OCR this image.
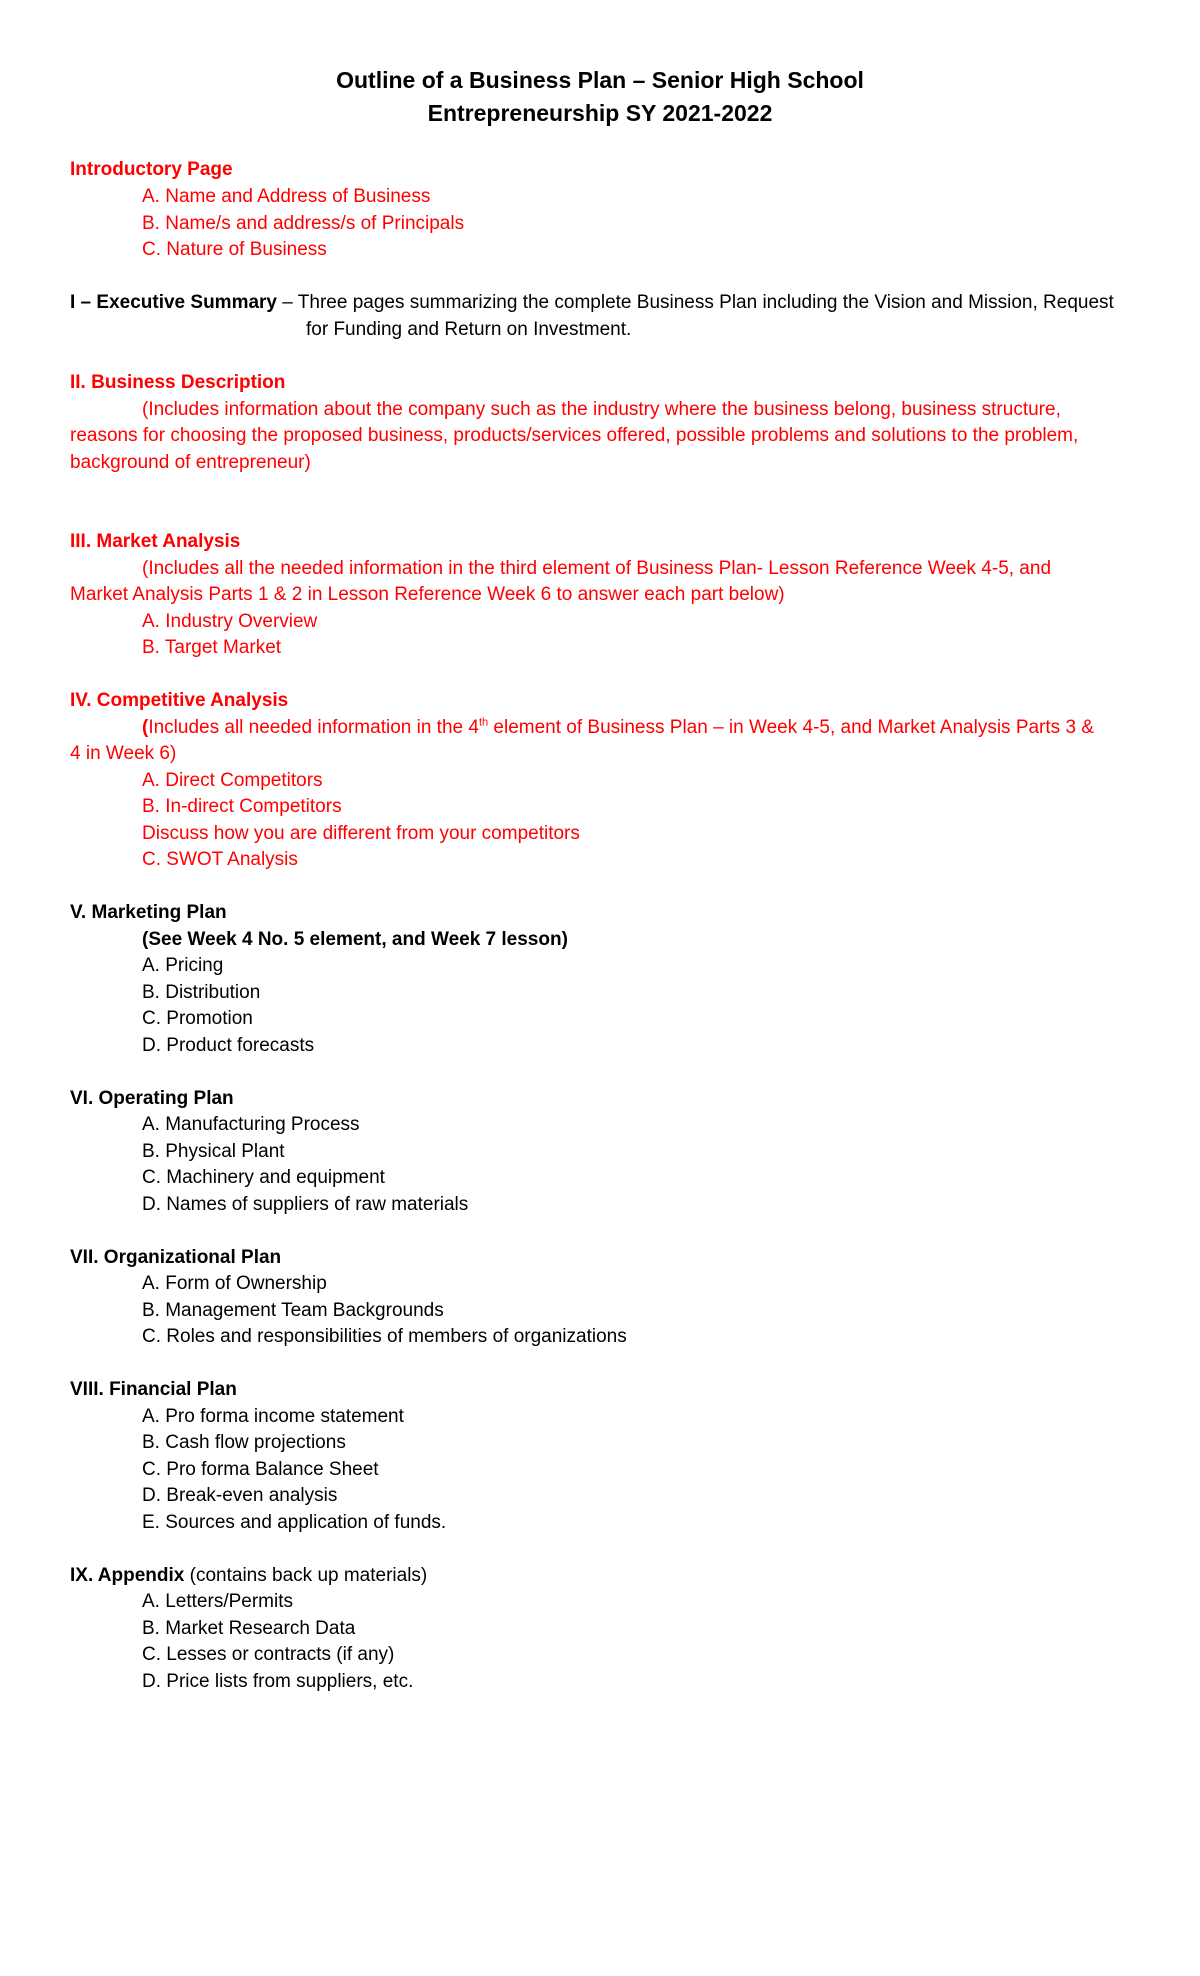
Outline of a Business Plan – Senior High School
Entrepreneurship SY 2021-2022
Introductory Page
A. Name and Address of Business
B. Name/s and address/s of Principals
C. Nature of Business
I – Executive Summary – Three pages summarizing the complete Business Plan including the Vision and Mission, Request
for Funding and Return on Investment.
II. Business Description
(Includes information about the company such as the industry where the business belong, business structure,
reasons for choosing the proposed business, products/services offered, possible problems and solutions to the problem,
background of entrepreneur)
III. Market Analysis
(Includes all the needed information in the third element of Business Plan- Lesson Reference Week 4-5, and
Market Analysis Parts 1 & 2 in Lesson Reference Week 6 to answer each part below)
A. Industry Overview
B. Target Market
IV. Competitive Analysis
(Includes all needed information in the 4th element of Business Plan – in Week 4-5, and Market Analysis Parts 3 &
4 in Week 6)
A. Direct Competitors
B. In-direct Competitors
Discuss how you are different from your competitors
C. SWOT Analysis
V. Marketing Plan
(See Week 4 No. 5 element, and Week 7 lesson)
A. Pricing
B. Distribution
C. Promotion
D. Product forecasts
VI. Operating Plan
A. Manufacturing Process
B. Physical Plant
C. Machinery and equipment
D. Names of suppliers of raw materials
VII. Organizational Plan
A. Form of Ownership
B. Management Team Backgrounds
C. Roles and responsibilities of members of organizations
VIII. Financial Plan
A. Pro forma income statement
B. Cash flow projections
C. Pro forma Balance Sheet
D. Break-even analysis
E. Sources and application of funds.
IX. Appendix (contains back up materials)
A. Letters/Permits
B. Market Research Data
C. Lesses or contracts (if any)
D. Price lists from suppliers, etc.
